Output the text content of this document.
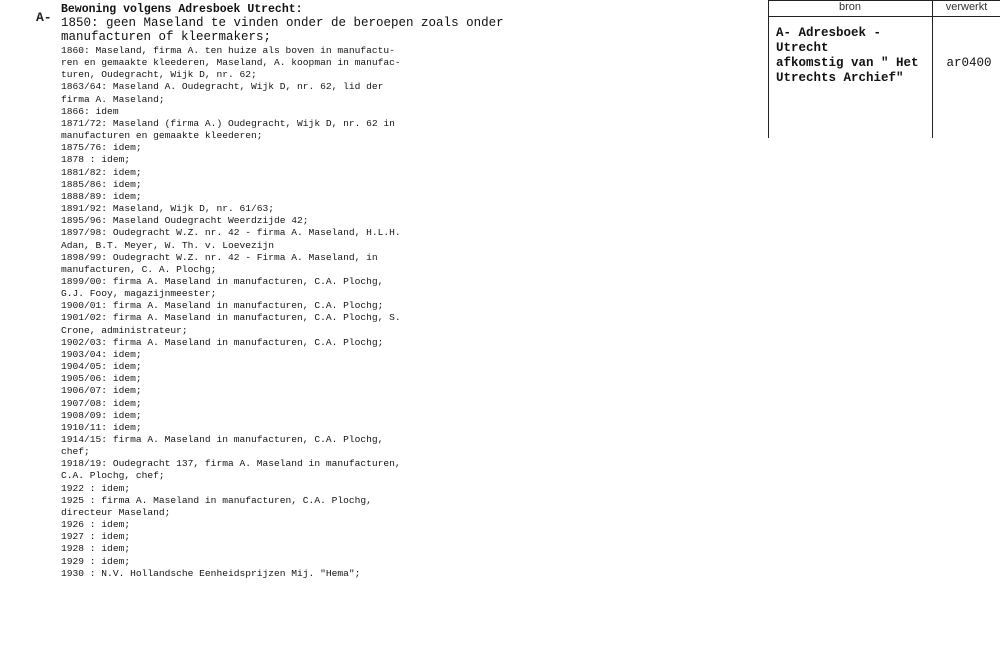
A-
Bewoning volgens Adresboek Utrecht:
1850: geen Maseland te vinden onder de beroepen zoals onder
manufacturen of kleermakers;
1860: Maseland, firma A. ten huize als boven in manufactu-
ren en gemaakte kleederen, Maseland, A. koopman in manufac-
turen, Oudegracht, Wijk D, nr. 62;
1863/64: Maseland A. Oudegracht, Wijk D, nr. 62, lid der
firma A. Maseland;
1866: idem
1871/72: Maseland (firma A.) Oudegracht, Wijk D, nr. 62 in
manufacturen en gemaakte kleederen;
1875/76: idem;
1878 : idem;
1881/82: idem;
1885/86: idem;
1888/89: idem;
1891/92: Maseland, Wijk D, nr. 61/63;
1895/96: Maseland Oudegracht Weerdzijde 42;
1897/98: Oudegracht W.Z. nr. 42 - firma A. Maseland, H.L.H.
Adan, B.T. Meyer, W. Th. v. Loevezijn
1898/99: Oudegracht W.Z. nr. 42 - Firma A. Maseland, in
manufacturen, C. A. Plochg;
1899/00: firma A. Maseland in manufacturen, C.A. Plochg,
G.J. Fooy, magazijnmeester;
1900/01: firma A. Maseland in manufacturen, C.A. Plochg;
1901/02: firma A. Maseland in manufacturen, C.A. Plochg, S.
Crone, administrateur;
1902/03: firma A. Maseland in manufacturen, C.A. Plochg;
1903/04: idem;
1904/05: idem;
1905/06: idem;
1906/07: idem;
1907/08: idem;
1908/09: idem;
1910/11: idem;
1914/15: firma A. Maseland in manufacturen, C.A. Plochg,
chef;
1918/19: Oudegracht 137, firma A. Maseland in manufacturen,
C.A. Plochg, chef;
1922 : idem;
1925 : firma A. Maseland in manufacturen, C.A. Plochg,
directeur Maseland;
1926 : idem;
1927 : idem;
1928 : idem;
1929 : idem;
1930 : N.V. Hollandsche Eenheidsprijzen Mij. "Hema";
bron	verwerkt
A- Adresboek - Utrecht
afkomstig van " Het
Utrechts Archief"
ar0400
